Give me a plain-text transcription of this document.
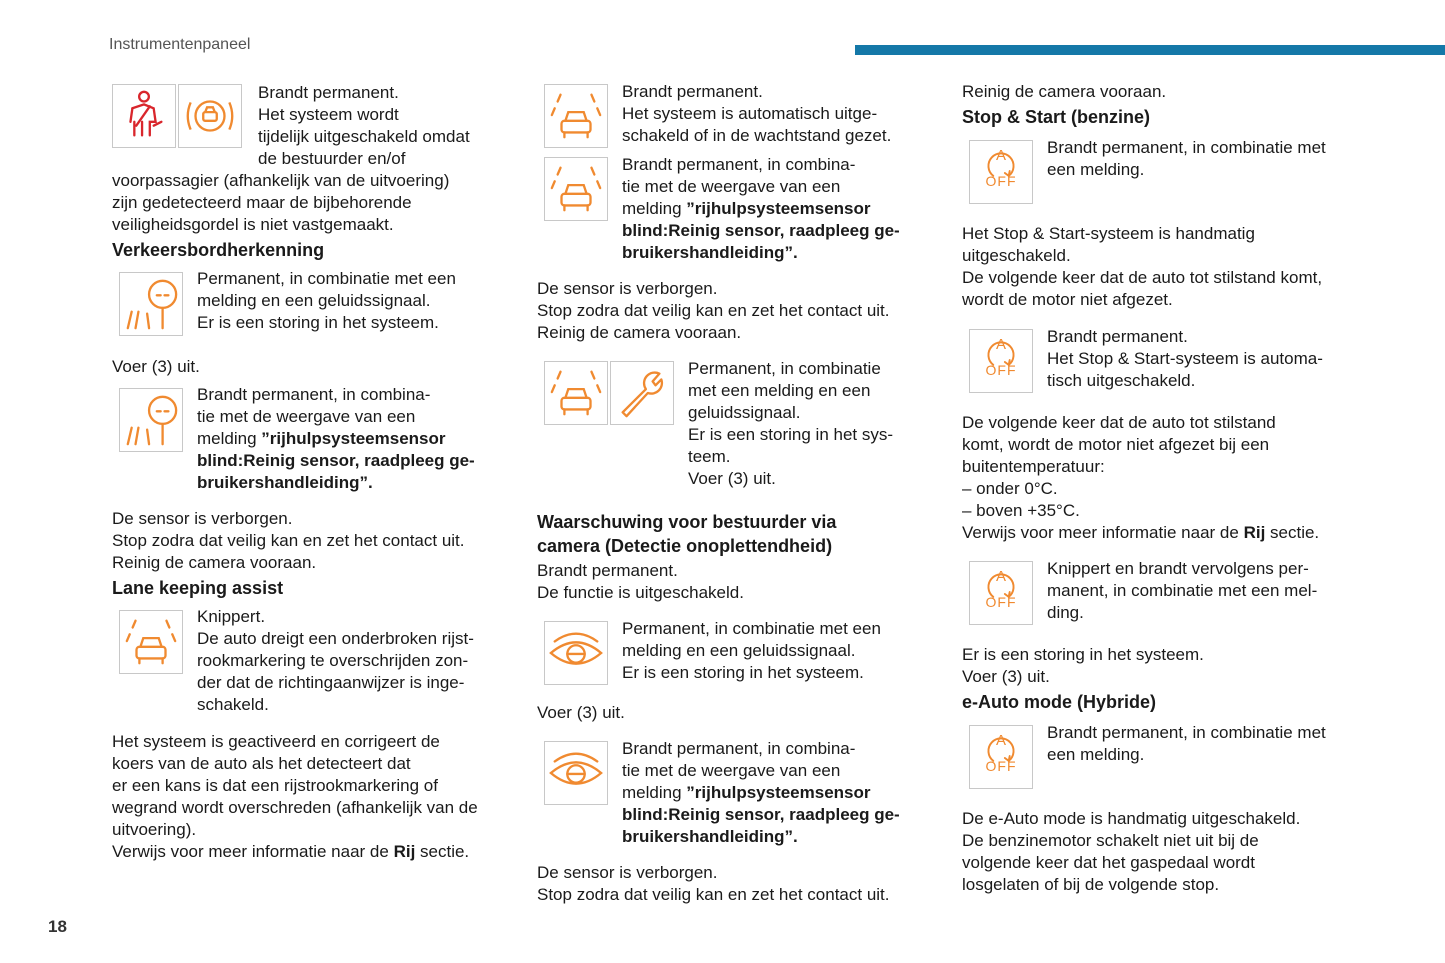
Instrumentenpaneel
18

Brandt permanent.

Het systeem wordt

tijdelijk uitgeschakeld omdat

de bestuurder en/of

voorpassagier (afhankelijk van de uitvoering)

zijn gedetecteerd maar de bijbehorende

veiligheidsgordel is niet vastgemaakt.

Verkeersbordherkenning

Permanent, in combinatie met een

melding en een geluidssignaal.

Er is een storing in het systeem.

Voer (3) uit.

Brandt permanent, in combina-

tie met de weergave van een

melding ”rijhulpsysteemsensor

blind:Reinig sensor, raadpleeg ge-

bruikershandleiding”.

De sensor is verborgen.

Stop zodra dat veilig kan en zet het contact uit.

Reinig de camera vooraan.

Lane keeping assist

Knippert.

De auto dreigt een onderbroken rijst-

rookmarkering te overschrijden zon-

der dat de richtingaanwijzer is inge-

schakeld.

Het systeem is geactiveerd en corrigeert de

koers van de auto als het detecteert dat

er een kans is dat een rijstrookmarkering of

wegrand wordt overschreden (afhankelijk van de

uitvoering).

Verwijs voor meer informatie naar de Rij sectie.

Brandt permanent.

Het systeem is automatisch uitge-

schakeld of in de wachtstand gezet.

Brandt permanent, in combina-

tie met de weergave van een

melding ”rijhulpsysteemsensor

blind:Reinig sensor, raadpleeg ge-

bruikershandleiding”.

De sensor is verborgen.

Stop zodra dat veilig kan en zet het contact uit.

Reinig de camera vooraan.

Permanent, in combinatie

met een melding en een

geluidssignaal.

Er is een storing in het sys-

teem.

Voer (3) uit.

Waarschuwing voor bestuurder via

camera (Detectie onoplettendheid)

Brandt permanent.

De functie is uitgeschakeld.

Permanent, in combinatie met een

melding en een geluidssignaal.

Er is een storing in het systeem.

Voer (3) uit.

Brandt permanent, in combina-

tie met de weergave van een

melding ”rijhulpsysteemsensor

blind:Reinig sensor, raadpleeg ge-

bruikershandleiding”.

De sensor is verborgen.

Stop zodra dat veilig kan en zet het contact uit.

Reinig de camera vooraan.

Stop & Start (benzine)

A
OFF

Brandt permanent, in combinatie met

een melding.

Het Stop & Start-systeem is handmatig

uitgeschakeld.

De volgende keer dat de auto tot stilstand komt,

wordt de motor niet afgezet.

A
OFF

Brandt permanent.

Het Stop & Start-systeem is automa-

tisch uitgeschakeld.

De volgende keer dat de auto tot stilstand

komt, wordt de motor niet afgezet bij een

buitentemperatuur:

– onder 0°C.

– boven +35°C.

Verwijs voor meer informatie naar de Rij sectie.

A
OFF

Knippert en brandt vervolgens per-

manent, in combinatie met een mel-

ding.

Er is een storing in het systeem.

Voer (3) uit.

e-Auto mode (Hybride)

A
OFF

Brandt permanent, in combinatie met

een melding.

De e-Auto mode is handmatig uitgeschakeld.

De benzinemotor schakelt niet uit bij de

volgende keer dat het gaspedaal wordt

losgelaten of bij de volgende stop.
